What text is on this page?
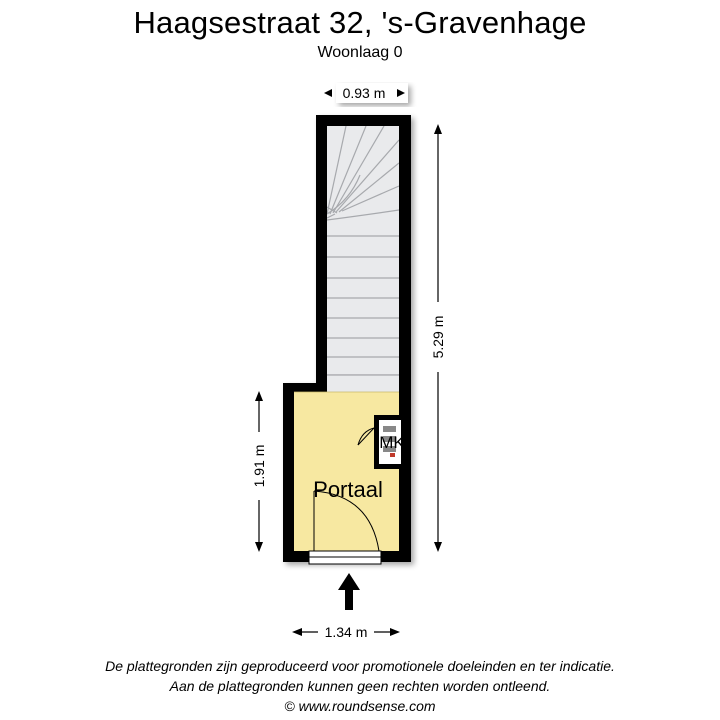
Haagsestraat 32, 's-Gravenhage
Woonlaag 0
Portaal
MK
0.93 m
5.29 m
1.91 m
1.34 m
De plattegronden zijn geproduceerd voor promotionele doeleinden en ter indicatie.
Aan de plattegronden kunnen geen rechten worden ontleend.
© www.roundsense.com
